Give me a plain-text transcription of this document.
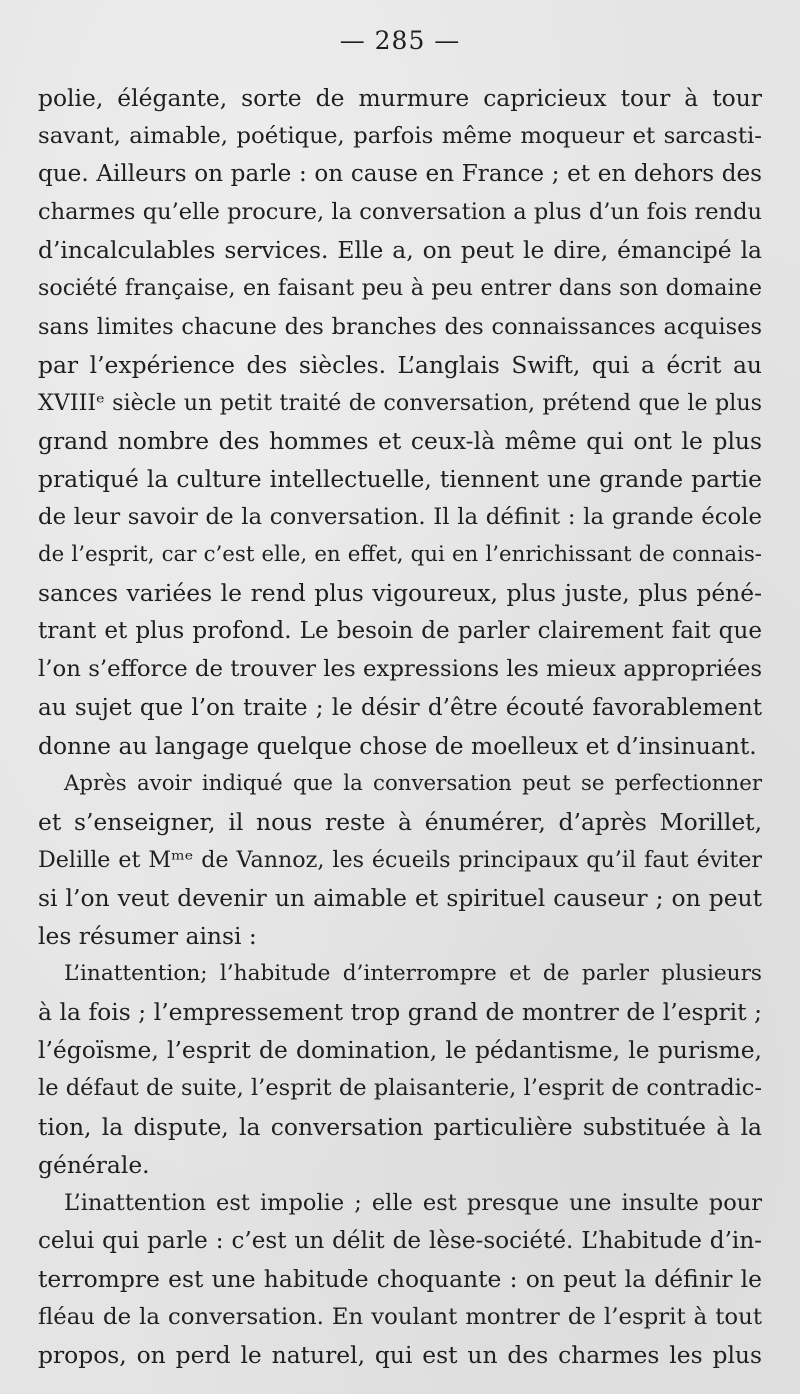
— 285 —
polie, élégante, sorte de murmure capricieux tour à tour
savant, aimable, poétique, parfois même moqueur et sarcasti-
que. Ailleurs on parle : on cause en France ; et en dehors des
charmes qu’elle procure, la conversation a plus d’un fois rendu
d’incalculables services. Elle a, on peut le dire, émancipé la
société française, en faisant peu à peu entrer dans son domaine
sans limites chacune des branches des connaissances acquises
par l’expérience des siècles. L’anglais Swift, qui a écrit au
XVIIIᵉ siècle un petit traité de conversation, prétend que le plus
grand nombre des hommes et ceux-là même qui ont le plus
pratiqué la culture intellectuelle, tiennent une grande partie
de leur savoir de la conversation. Il la définit : la grande école
de l’esprit, car c’est elle, en effet, qui en l’enrichissant de connais-
sances variées le rend plus vigoureux, plus juste, plus péné-
trant et plus profond. Le besoin de parler clairement fait que
l’on s’efforce de trouver les expressions les mieux appropriées
au sujet que l’on traite ; le désir d’être écouté favorablement
donne au langage quelque chose de moelleux et d’insinuant.
Après avoir indiqué que la conversation peut se perfectionner
et s’enseigner, il nous reste à énumérer, d’après Morillet,
Delille et Mᵐᵉ de Vannoz, les écueils principaux qu’il faut éviter
si l’on veut devenir un aimable et spirituel causeur ; on peut
les résumer ainsi :
L’inattention; l’habitude d’interrompre et de parler plusieurs
à la fois ; l’empressement trop grand de montrer de l’esprit ;
l’égoïsme, l’esprit de domination, le pédantisme, le purisme,
le défaut de suite, l’esprit de plaisanterie, l’esprit de contradic-
tion, la dispute, la conversation particulière substituée à la
générale.
L’inattention est impolie ; elle est presque une insulte pour
celui qui parle : c’est un délit de lèse-société. L’habitude d’in-
terrompre est une habitude choquante : on peut la définir le
fléau de la conversation. En voulant montrer de l’esprit à tout
propos, on perd le naturel, qui est un des charmes les plus
